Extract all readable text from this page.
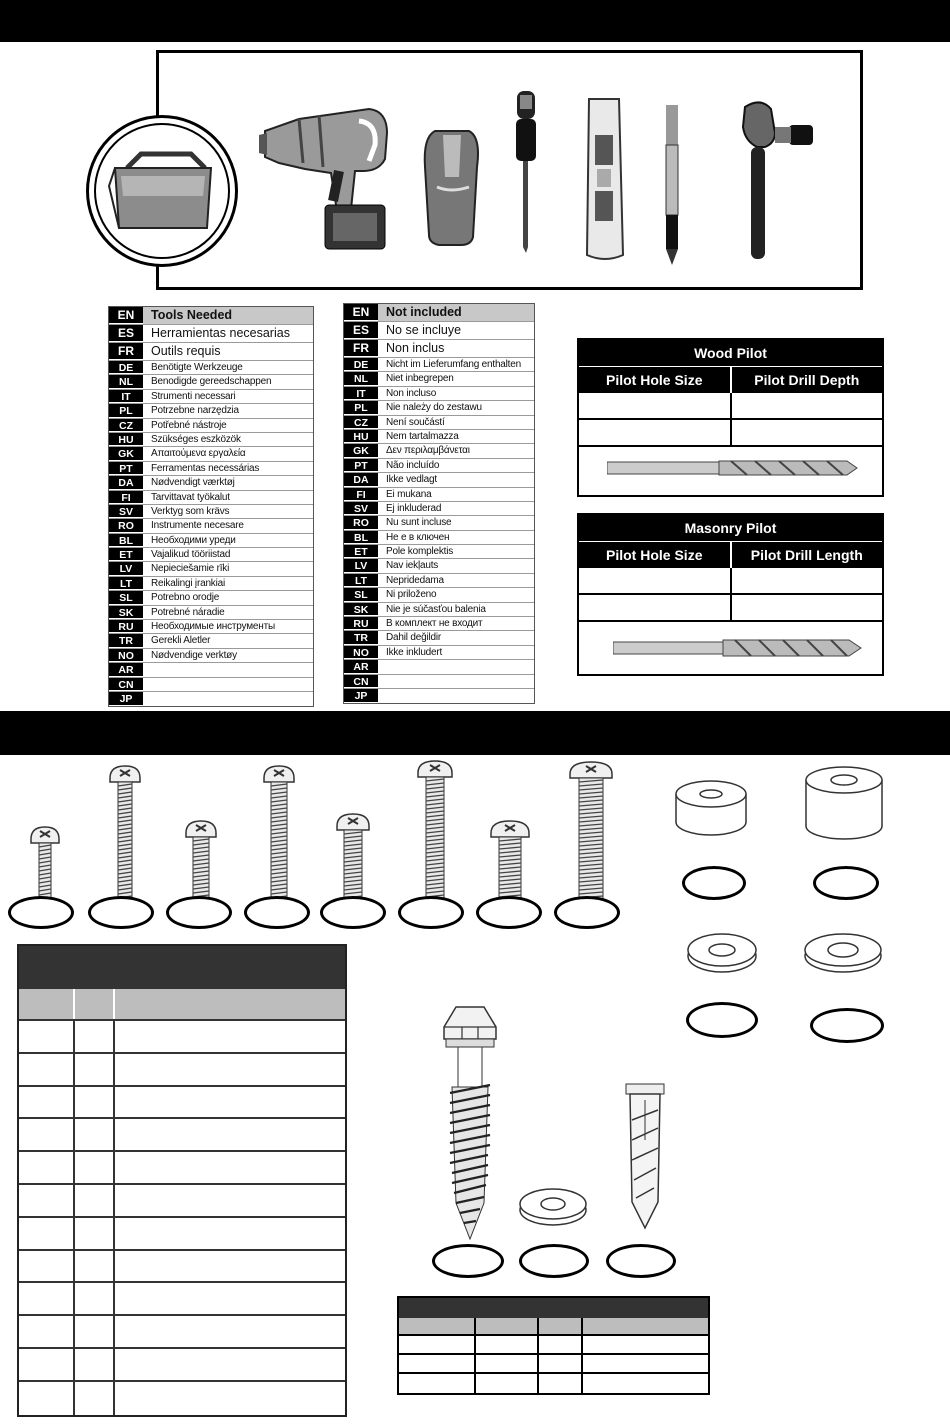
EN	Tools Needed
ES	Herramientas necesarias
FR	Outils requis
DE	Benötigte Werkzeuge
NL	Benodigde gereedschappen
IT	Strumenti necessari
PL	Potrzebne narzędzia
CZ	Potřebné nástroje
HU	Szükséges eszközök
GK	Απαιτούμενα εργαλεία
PT	Ferramentas necessárias
DA	Nødvendigt værktøj
FI	Tarvittavat työkalut
SV	Verktyg som krävs
RO	Instrumente necesare
BL	Необходими уреди
ET	Vajalikud tööriistad
LV	Nepieciešamie rīki
LT	Reikalingi įrankiai
SL	Potrebno orodje
SK	Potrebné náradie
RU	Необходимые инструменты
TR	Gerekli Aletler
NO	Nødvendige verktøy
AR
CN
JP
EN	Not included
ES	No se incluye
FR	Non inclus
DE	Nicht im Lieferumfang enthalten
NL	Niet inbegrepen
IT	Non incluso
PL	Nie należy do zestawu
CZ	Není součástí
HU	Nem tartalmazza
GK	Δεν περιλαμβάνεται
PT	Não incluído
DA	Ikke vedlagt
FI	Ei mukana
SV	Ej inkluderad
RO	Nu sunt incluse
BL	Не е в ключен
ET	Pole komplektis
LV	Nav iekļauts
LT	Nepridedama
SL	Ni priloženo
SK	Nie je súčasťou balenia
RU	В комплект не входит
TR	Dahil değildir
NO	Ikke inkludert
AR
CN
JP
Wood Pilot
Pilot Hole Size	Pilot Drill Depth
Masonry Pilot
Pilot Hole Size	Pilot Drill Length
